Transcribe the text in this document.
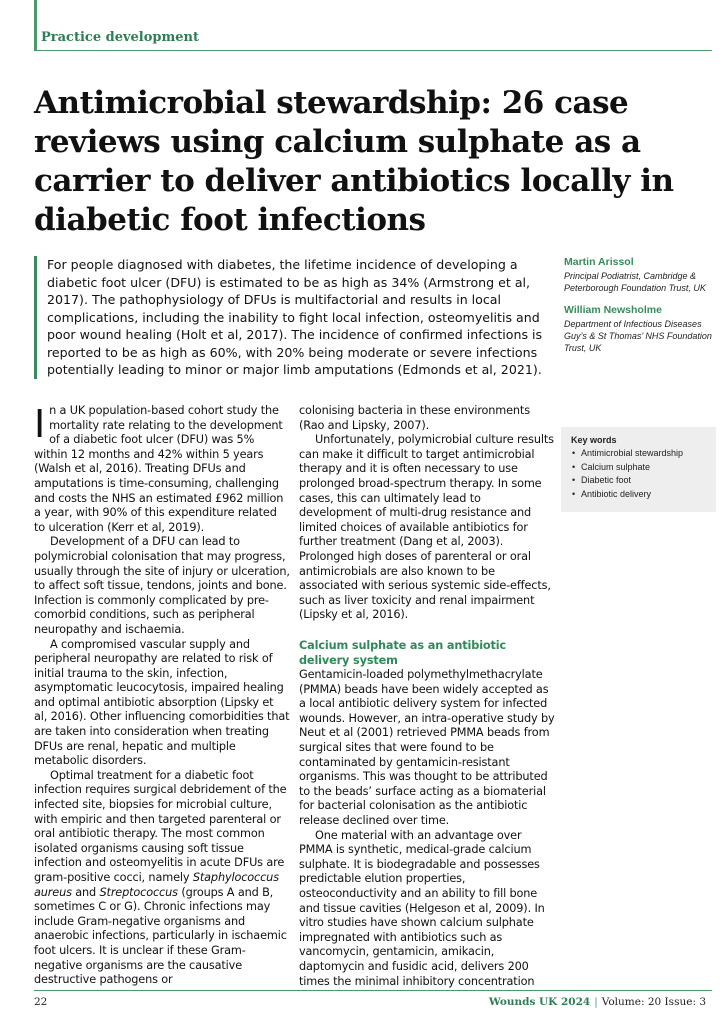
Practice development
Antimicrobial stewardship: 26 case reviews using calcium sulphate as a carrier to deliver antibiotics locally in diabetic foot infections

For people diagnosed with diabetes, the lifetime incidence of developing a diabetic foot ulcer (DFU) is estimated to be as high as 34% (Armstrong et al, 2017). The pathophysiology of DFUs is multifactorial and results in local complications, including the inability to fight local infection, osteomyelitis and poor wound healing (Holt et al, 2017). The incidence of confirmed infections is reported to be as high as 60%, with 20% being moderate or severe infections potentially leading to minor or major limb amputations (Edmonds et al, 2021).

Martin Arissol

Principal Podiatrist, Cambridge & Peterborough Foundation Trust, UK

William Newsholme

Department of Infectious Diseases Guy’s & St Thomas’ NHS Foundation Trust, UK

Key words

• Antimicrobial stewardship
• Calcium sulphate
• Diabetic foot
• Antibiotic delivery

In a UK population-based cohort study the mortality rate relating to the development of a diabetic foot ulcer (DFU) was 5% within 12 months and 42% within 5 years (Walsh et al, 2016). Treating DFUs and amputations is time-consuming, challenging and costs the NHS an estimated £962 million a year, with 90% of this expenditure related to ulceration (Kerr et al, 2019).

Development of a DFU can lead to polymicrobial colonisation that may progress, usually through the site of injury or ulceration, to affect soft tissue, tendons, joints and bone. Infection is commonly complicated by pre-comorbid conditions, such as peripheral neuropathy and ischaemia.

A compromised vascular supply and peripheral neuropathy are related to risk of initial trauma to the skin, infection, asymptomatic leucocytosis, impaired healing and optimal antibiotic absorption (Lipsky et al, 2016). Other influencing comorbidities that are taken into consideration when treating DFUs are renal, hepatic and multiple metabolic disorders.

Optimal treatment for a diabetic foot infection requires surgical debridement of the infected site, biopsies for microbial culture, with empiric and then targeted parenteral or oral antibiotic therapy. The most common isolated organisms causing soft tissue infection and osteomyelitis in acute DFUs are gram-positive cocci, namely Staphylococcus aureus and Streptococcus (groups A and B, sometimes C or G). Chronic infections may include Gram-negative organisms and anaerobic infections, particularly in ischaemic foot ulcers. It is unclear if these Gram-negative organisms are the causative destructive pathogens or

colonising bacteria in these environments (Rao and Lipsky, 2007).

Unfortunately, polymicrobial culture results can make it difficult to target antimicrobial therapy and it is often necessary to use prolonged broad-spectrum therapy. In some cases, this can ultimately lead to development of multi-drug resistance and limited choices of available antibiotics for further treatment (Dang et al, 2003). Prolonged high doses of parenteral or oral antimicrobials are also known to be associated with serious systemic side-effects, such as liver toxicity and renal impairment (Lipsky et al, 2016).

Calcium sulphate as an antibiotic delivery system

Gentamicin-loaded polymethylmethacrylate (PMMA) beads have been widely accepted as a local antibiotic delivery system for infected wounds. However, an intra-operative study by Neut et al (2001) retrieved PMMA beads from surgical sites that were found to be contaminated by gentamicin-resistant organisms. This was thought to be attributed to the beads’ surface acting as a biomaterial for bacterial colonisation as the antibiotic release declined over time.

One material with an advantage over PMMA is synthetic, medical-grade calcium sulphate. It is biodegradable and possesses predictable elution properties, osteoconductivity and an ability to fill bone and tissue cavities (Helgeson et al, 2009). In vitro studies have shown calcium sulphate impregnated with antibiotics such as vancomycin, gentamicin, amikacin, daptomycin and fusidic acid, delivers 200 times the minimal inhibitory concentration

22	Wounds UK 2024 | Volume: 20 Issue: 3
